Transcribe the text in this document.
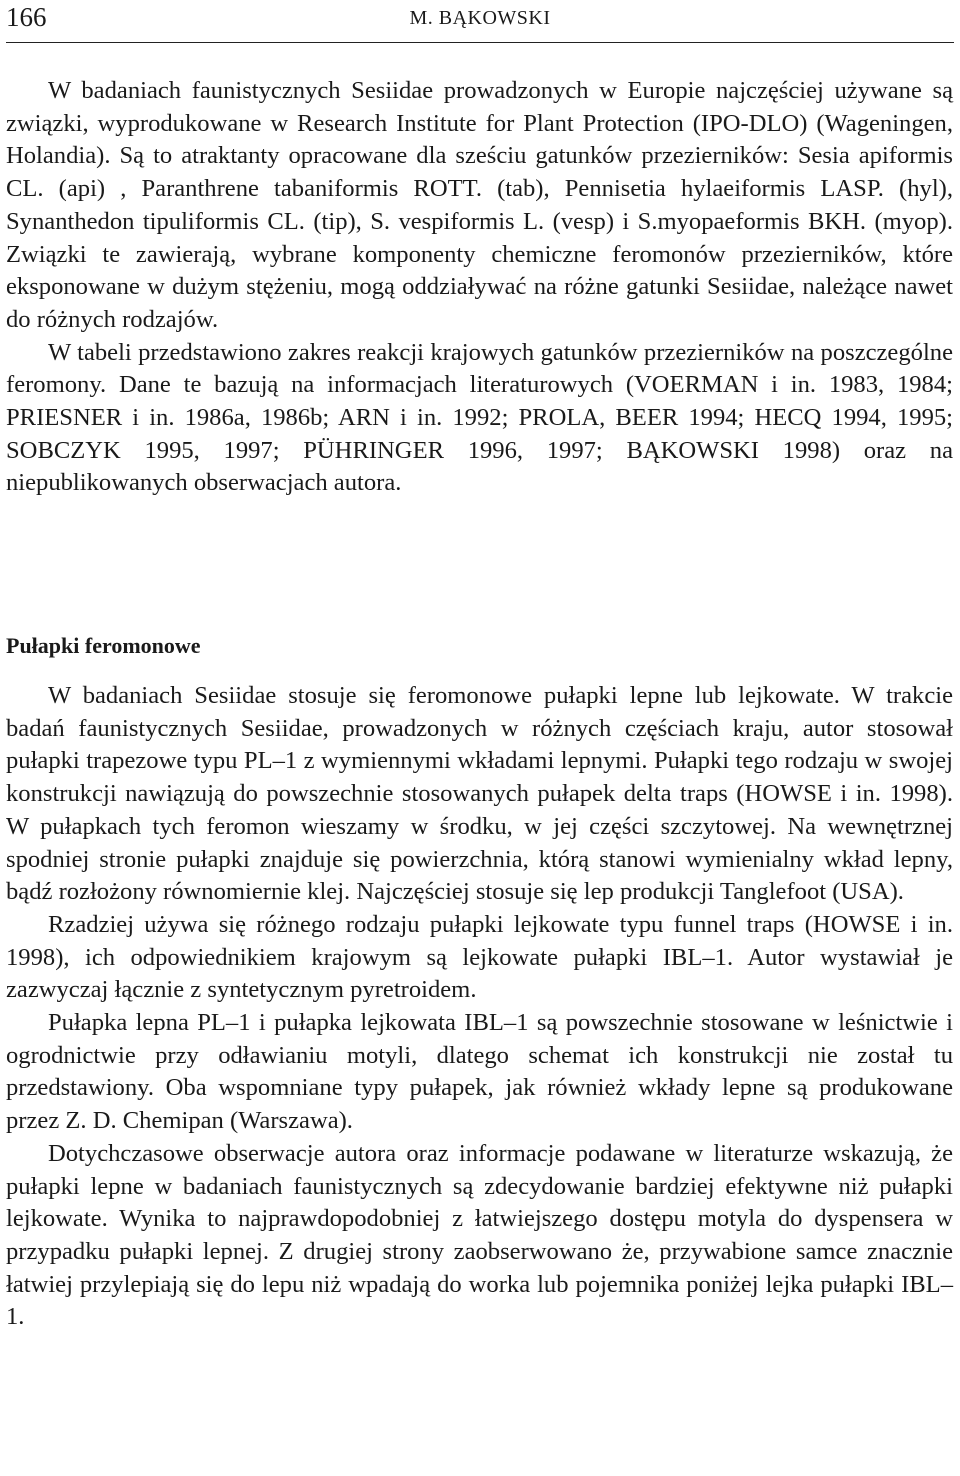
166	M. BĄKOWSKI

W badaniach faunistycznych Sesiidae prowadzonych w Europie najczęściej używane są związki, wyprodukowane w Research Institute for Plant Protection (IPO-DLO) (Wageningen, Holandia). Są to atraktanty opracowane dla sześciu gatunków przezierników: Sesia apiformis CL. (api) , Paranthrene tabaniformis ROTT. (tab), Pennisetia hylaeiformis LASP. (hyl), Synanthedon tipuliformis CL. (tip), S. vespiformis L. (vesp) i S.myopaeformis BKH. (myop). Związki te zawierają, wybrane komponenty chemiczne feromonów przezierników, które eksponowane w dużym stężeniu, mogą oddziaływać na różne gatunki Sesiidae, należące nawet do różnych rodzajów.

W tabeli przedstawiono zakres reakcji krajowych gatunków przezierników na poszczególne feromony. Dane te bazują na informacjach literaturowych (VOERMAN i in. 1983, 1984; PRIESNER i in. 1986a, 1986b; ARN i in. 1992; PROLA, BEER 1994; HECQ 1994, 1995; SOBCZYK 1995, 1997; PÜHRINGER 1996, 1997; BĄKOWSKI 1998) oraz na niepublikowanych obserwacjach autora.

Pułapki feromonowe

W badaniach Sesiidae stosuje się feromonowe pułapki lepne lub lejkowate. W trakcie badań faunistycznych Sesiidae, prowadzonych w różnych częściach kraju, autor stosował pułapki trapezowe typu PL–1 z wymiennymi wkładami lepnymi. Pułapki tego rodzaju w swojej konstrukcji nawiązują do powszechnie stosowanych pułapek delta traps (HOWSE i in. 1998). W pułapkach tych feromon wieszamy w środku, w jej części szczytowej. Na wewnętrznej spodniej stronie pułapki znajduje się powierzchnia, którą stanowi wymienialny wkład lepny, bądź rozłożony równomiernie klej. Najczęściej stosuje się lep produkcji Tanglefoot (USA).

Rzadziej używa się różnego rodzaju pułapki lejkowate typu funnel traps (HOWSE i in. 1998), ich odpowiednikiem krajowym są lejkowate pułapki IBL–1. Autor wystawiał je zazwyczaj łącznie z syntetycznym pyretroidem.

Pułapka lepna PL–1 i pułapka lejkowata IBL–1 są powszechnie stosowane w leśnictwie i ogrodnictwie przy odławianiu motyli, dlatego schemat ich konstrukcji nie został tu przedstawiony. Oba wspomniane typy pułapek, jak również wkłady lepne są produkowane przez Z. D. Chemipan (Warszawa).

Dotychczasowe obserwacje autora oraz informacje podawane w literaturze wskazują, że pułapki lepne w badaniach faunistycznych są zdecydowanie bardziej efektywne niż pułapki lejkowate. Wynika to najprawdopodobniej z łatwiejszego dostępu motyla do dyspensera w przypadku pułapki lepnej. Z drugiej strony zaobserwowano że, przywabione samce znacznie łatwiej przylepiają się do lepu niż wpadają do worka lub pojemnika poniżej lejka pułapki IBL–1.
